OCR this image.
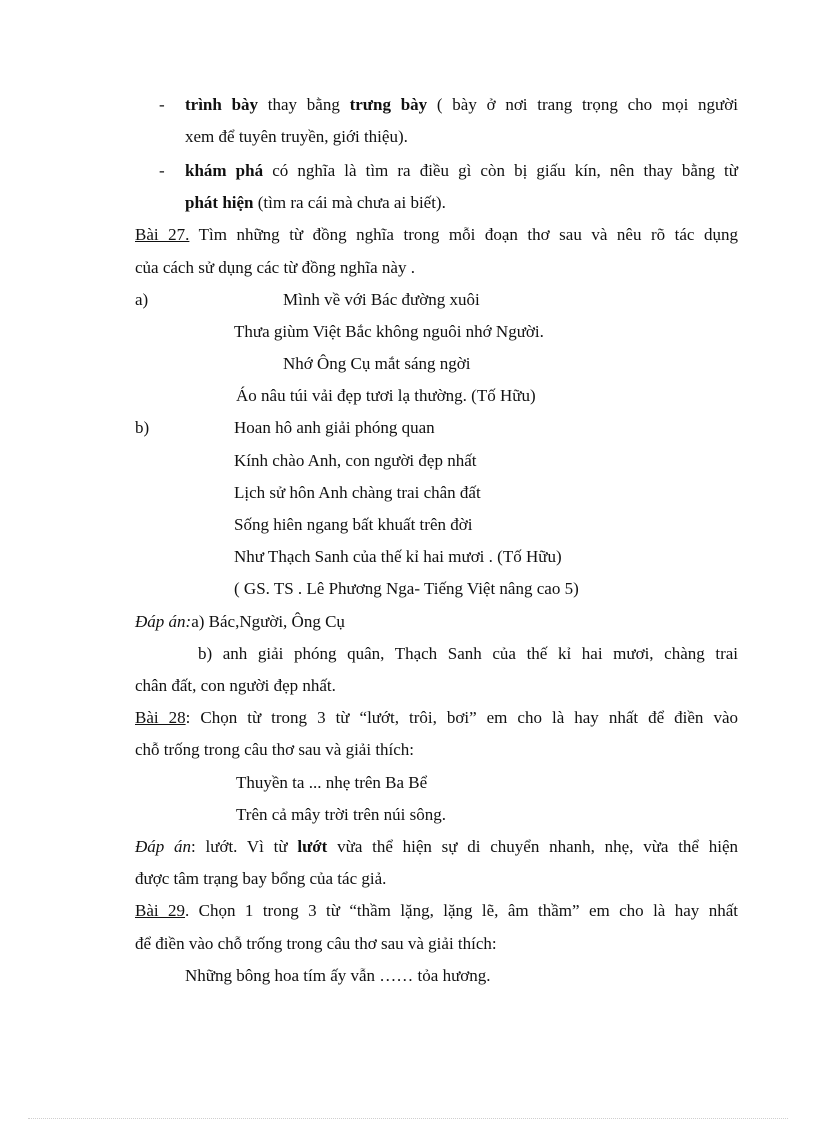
- trình bày thay bằng trưng bày ( bày ở nơi trang trọng cho mọi người
xem để tuyên truyền, giới thiệu).
- khám phá có nghĩa là tìm ra điều gì còn bị giấu kín, nên thay bằng từ
phát hiện (tìm ra cái mà chưa ai biết).
Bài 27. Tìm những từ đồng nghĩa trong mỗi đoạn thơ sau và nêu rõ tác dụng
của cách sử dụng các từ đồng nghĩa này .
a)	Mình về với Bác đường xuôi
Thưa giùm Việt Bắc không nguôi nhớ Người.
Nhớ Ông Cụ mắt sáng ngời
Áo nâu túi vải đẹp tươi lạ thường. (Tố Hữu)
b)	Hoan hô anh giải phóng quan
Kính chào Anh, con người đẹp nhất
Lịch sử hôn Anh chàng trai chân đất
Sống hiên ngang bất khuất trên đời
Như Thạch Sanh của thế kỉ hai mươi . (Tố Hữu)
( GS. TS . Lê Phương Nga- Tiếng Việt nâng cao 5)
Đáp án:a) Bác,Người, Ông Cụ
b) anh giải phóng quân, Thạch Sanh của thế kỉ hai mươi, chàng trai
chân đất, con người đẹp nhất.
Bài 28: Chọn từ trong 3 từ “lướt, trôi, bơi” em cho là hay nhất để điền vào
chỗ trống trong câu thơ sau và giải thích:
Thuyền ta ... nhẹ trên Ba Bể
Trên cả mây trời trên núi sông.
Đáp án: lướt. Vì từ lướt vừa thể hiện sự di chuyển nhanh, nhẹ, vừa thể hiện
được tâm trạng bay bổng của tác giả.
Bài 29. Chọn 1 trong 3 từ “thầm lặng, lặng lẽ, âm thầm” em cho là hay nhất
để điền vào chỗ trống trong câu thơ sau và giải thích:
Những bông hoa tím ấy vẫn …… tỏa hương.
